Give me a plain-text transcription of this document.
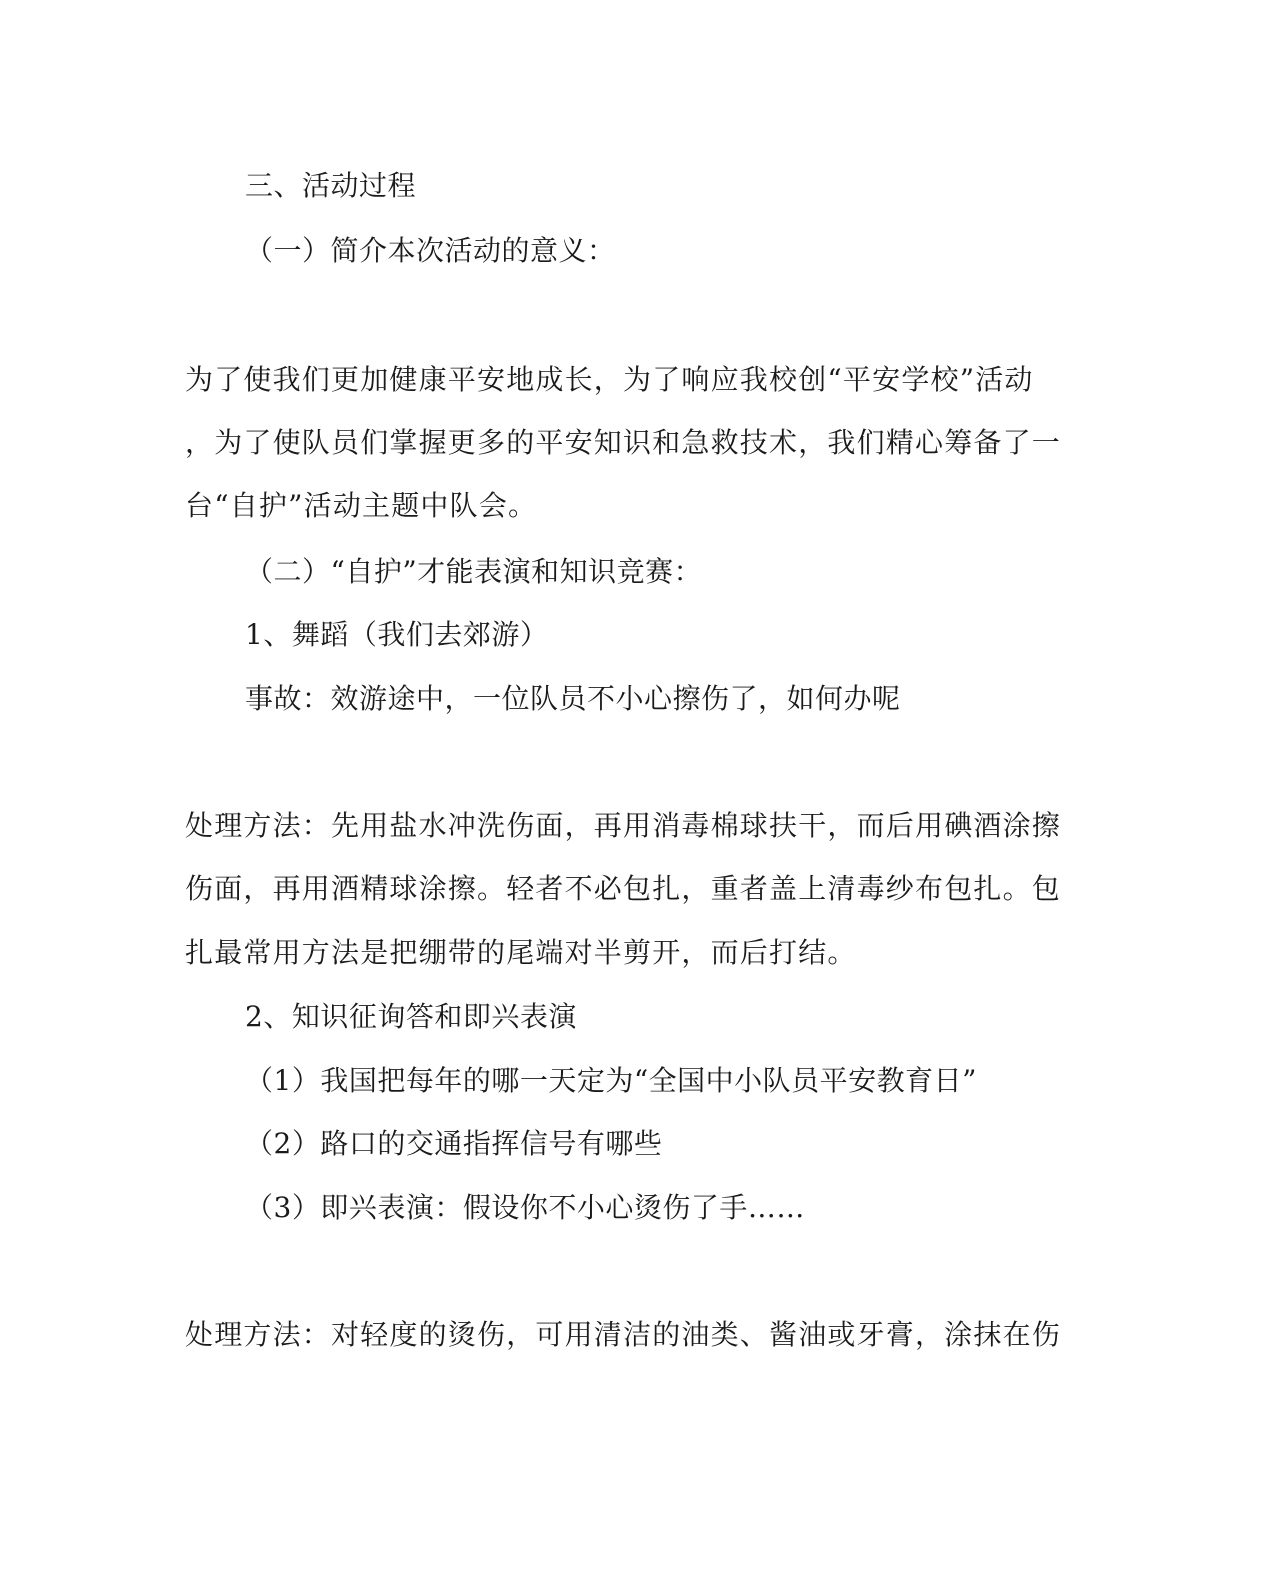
三、活动过程
（一）简介本次活动的意义：
为了使我们更加健康平安地成长，为了响应我校创“平安学校”活动
，为了使队员们掌握更多的平安知识和急救技术，我们精心筹备了一
台“自护”活动主题中队会。
（二）“自护”才能表演和知识竞赛：
1、舞蹈（我们去郊游）
事故：效游途中，一位队员不小心擦伤了，如何办呢
处理方法：先用盐水冲洗伤面，再用消毒棉球扶干，而后用碘酒涂擦
伤面，再用酒精球涂擦。轻者不必包扎，重者盖上清毒纱布包扎。包
扎最常用方法是把绷带的尾端对半剪开，而后打结。
2、知识征询答和即兴表演
（1）我国把每年的哪一天定为“全国中小队员平安教育日”
（2）路口的交通指挥信号有哪些
（3）即兴表演：假设你不小心烫伤了手……
处理方法：对轻度的烫伤，可用清洁的油类、酱油或牙膏，涂抹在伤
